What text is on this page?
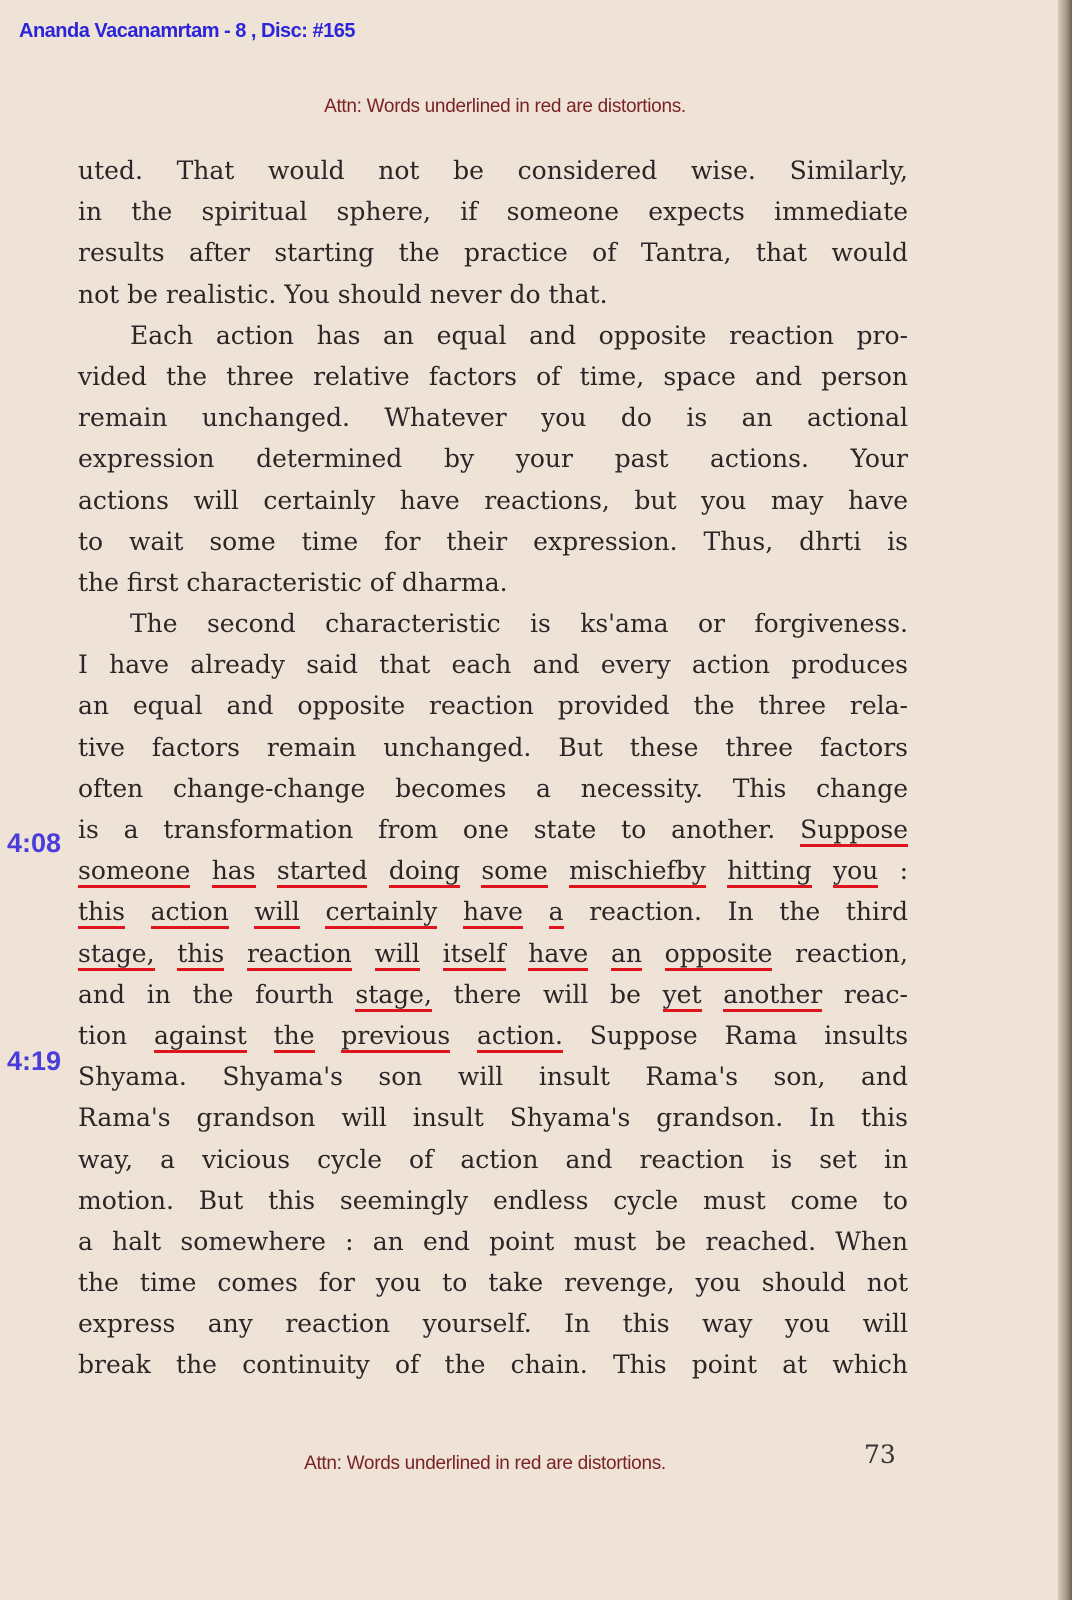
Ananda Vacanamrtam - 8 , Disc: #165
Attn: Words underlined in red are distortions.
4:08
4:19
uted. That would not be considered wise. Similarly,
in the spiritual sphere, if someone expects immediate
results after starting the practice of Tantra, that would
not be realistic. You should never do that.
Each action has an equal and opposite reaction pro-
vided the three relative factors of time, space and person
remain unchanged. Whatever you do is an actional
expression determined by your past actions. Your
actions will certainly have reactions, but you may have
to wait some time for their expression. Thus, dhrti is
the first characteristic of dharma.
The second characteristic is ks'ama or forgiveness.
I have already said that each and every action produces
an equal and opposite reaction provided the three rela-
tive factors remain unchanged. But these three factors
often change-change becomes a necessity. This change
is a transformation from one state to another. Suppose
someone has started doing some mischiefby hitting you :
this action will certainly have a reaction. In the third
stage, this reaction will itself have an opposite reaction,
and in the fourth stage, there will be yet another reac-
tion against the previous action. Suppose Rama insults
Shyama. Shyama's son will insult Rama's son, and
Rama's grandson will insult Shyama's grandson. In this
way, a vicious cycle of action and reaction is set in
motion. But this seemingly endless cycle must come to
a halt somewhere : an end point must be reached. When
the time comes for you to take revenge, you should not
express any reaction yourself. In this way you will
break the continuity of the chain. This point at which
Attn: Words underlined in red are distortions.	73
